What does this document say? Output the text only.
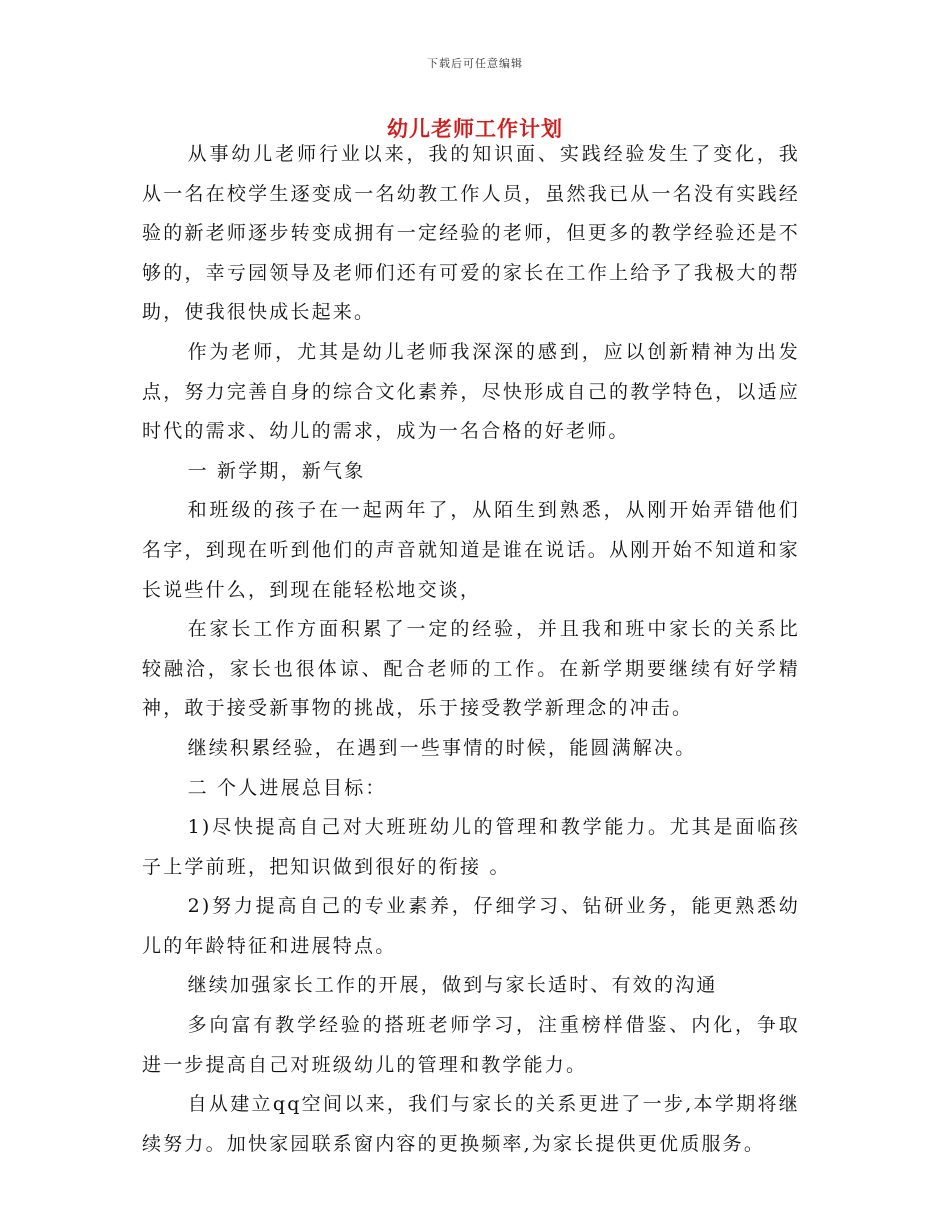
下载后可任意编辑
幼儿老师工作计划

从事幼儿老师行业以来，我的知识面、实践经验发生了变化，我从一名在校学生逐变成一名幼教工作人员，虽然我已从一名没有实践经验的新老师逐步转变成拥有一定经验的老师，但更多的教学经验还是不够的，幸亏园领导及老师们还有可爱的家长在工作上给予了我极大的帮助，使我很快成长起来。

作为老师，尤其是幼儿老师我深深的感到，应以创新精神为出发点，努力完善自身的综合文化素养，尽快形成自己的教学特色，以适应时代的需求、幼儿的需求，成为一名合格的好老师。

一 新学期，新气象

和班级的孩子在一起两年了，从陌生到熟悉，从刚开始弄错他们名字，到现在听到他们的声音就知道是谁在说话。从刚开始不知道和家长说些什么，到现在能轻松地交谈，

在家长工作方面积累了一定的经验，并且我和班中家长的关系比较融洽，家长也很体谅、配合老师的工作。在新学期要继续有好学精神，敢于接受新事物的挑战，乐于接受教学新理念的冲击。

继续积累经验，在遇到一些事情的时候，能圆满解决。

二 个人进展总目标：

1)尽快提高自己对大班班幼儿的管理和教学能力。尤其是面临孩子上学前班，把知识做到很好的衔接 。

2)努力提高自己的专业素养，仔细学习、钻研业务，能更熟悉幼儿的年龄特征和进展特点。

继续加强家长工作的开展，做到与家长适时、有效的沟通

多向富有教学经验的搭班老师学习，注重榜样借鉴、内化，争取进一步提高自己对班级幼儿的管理和教学能力。

自从建立qq空间以来，我们与家长的关系更进了一步,本学期将继续努力。加快家园联系窗内容的更换频率,为家长提供更优质服务。
